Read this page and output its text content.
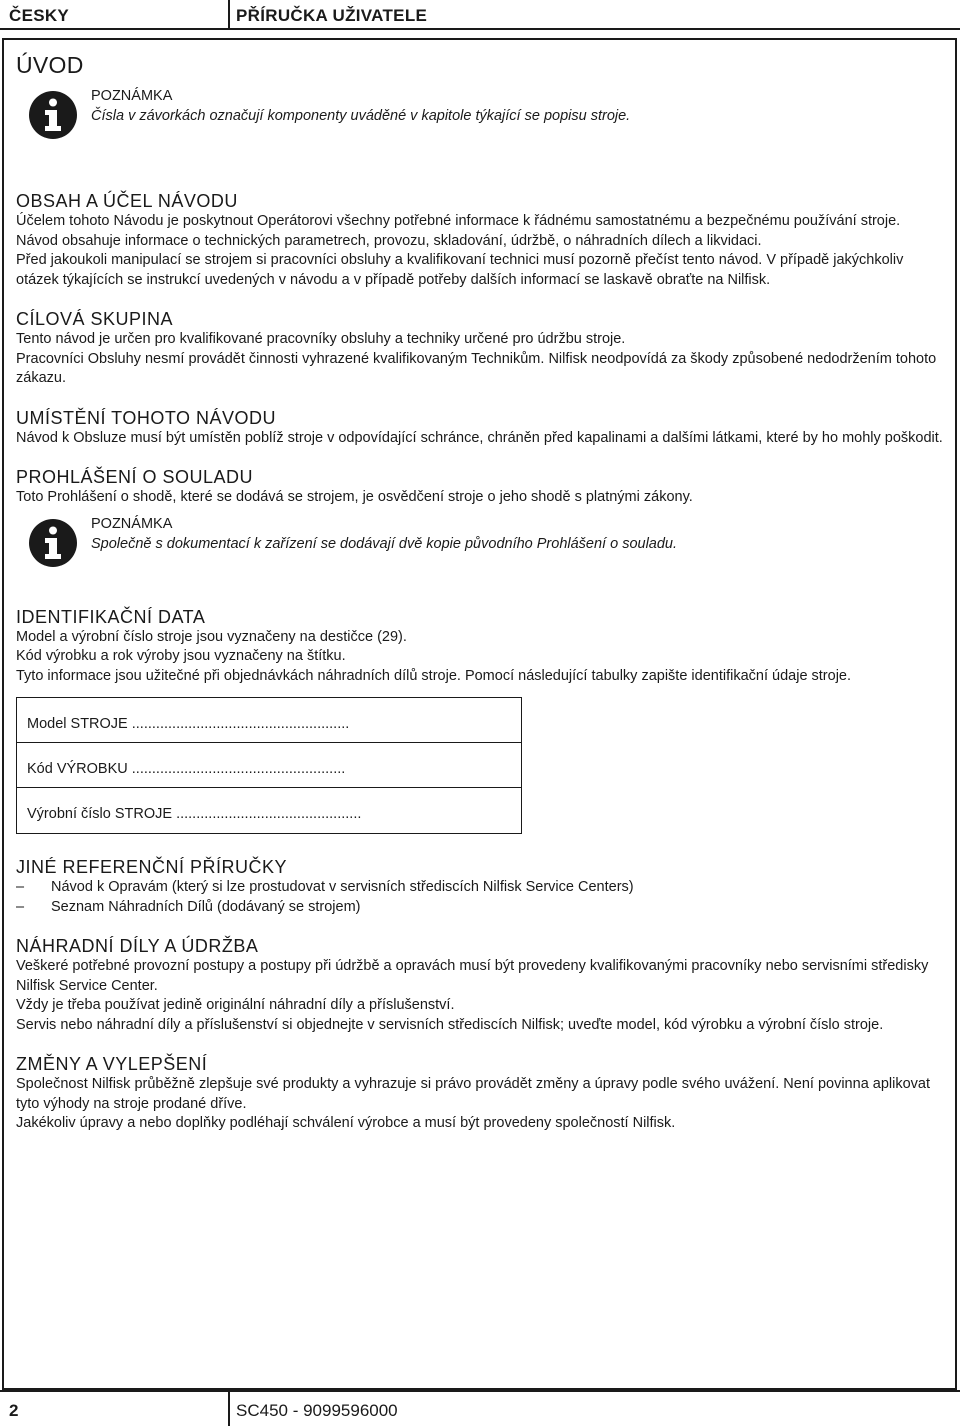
ČESKY	PŘÍRUČKA UŽIVATELE
ÚVOD
POZNÁMKA
Čísla v závorkách označují komponenty uváděné v kapitole týkající se popisu stroje.
OBSAH A ÚČEL NÁVODU

Účelem tohoto Návodu je poskytnout Operátorovi všechny potřebné informace k řádnému samostatnému a bezpečnému používání stroje. Návod obsahuje informace o technických parametrech, provozu, skladování, údržbě, o náhradních dílech a likvidaci.

Před jakoukoli manipulací se strojem si pracovníci obsluhy a kvalifikovaní technici musí pozorně přečíst tento návod. V případě jakýchkoliv otázek týkajících se instrukcí uvedených v návodu a v případě potřeby dalších informací se laskavě obraťte na Nilfisk.

CÍLOVÁ SKUPINA

Tento návod je určen pro kvalifikované pracovníky obsluhy a techniky určené pro údržbu stroje.

Pracovníci Obsluhy nesmí provádět činnosti vyhrazené kvalifikovaným Technikům. Nilfisk neodpovídá za škody způsobené nedodržením tohoto zákazu.

UMÍSTĚNÍ TOHOTO NÁVODU

Návod k Obsluze musí být umístěn poblíž stroje v odpovídající schránce, chráněn před kapalinami a dalšími látkami, které by ho mohly poškodit.

PROHLÁŠENÍ O SOULADU

Toto Prohlášení o shodě, které se dodává se strojem, je osvědčení stroje o jeho shodě s platnými zákony.

POZNÁMKA
Společně s dokumentací k zařízení se dodávají dvě kopie původního Prohlášení o souladu.
IDENTIFIKAČNÍ DATA

Model a výrobní číslo stroje jsou vyznačeny na destičce (29).

Kód výrobku a rok výroby jsou vyznačeny na štítku.

Tyto informace jsou užitečné při objednávkách náhradních dílů stroje. Pomocí následující tabulky zapište identifikační údaje stroje.

Model STROJE ......................................................
Kód VÝROBKU .....................................................
Výrobní číslo STROJE ..............................................
JINÉ REFERENČNÍ PŘÍRUČKY
– Návod k Opravám (který si lze prostudovat v servisních střediscích Nilfisk Service Centers)
– Seznam Náhradních Dílů (dodávaný se strojem)
NÁHRADNÍ DÍLY A ÚDRŽBA

Veškeré potřebné provozní postupy a postupy při údržbě a opravách musí být provedeny kvalifikovanými pracovníky nebo servisními středisky Nilfisk Service Center.

Vždy je třeba používat jedině originální náhradní díly a příslušenství.

Servis nebo náhradní díly a příslušenství si objednejte v servisních střediscích Nilfisk; uveďte model, kód výrobku a výrobní číslo stroje.

ZMĚNY A VYLEPŠENÍ

Společnost Nilfisk průběžně zlepšuje své produkty a vyhrazuje si právo provádět změny a úpravy podle svého uvážení. Není povinna aplikovat tyto výhody na stroje prodané dříve.

Jakékoliv úpravy a nebo doplňky podléhají schválení výrobce a musí být provedeny společností Nilfisk.

2	SC450 - 9099596000
